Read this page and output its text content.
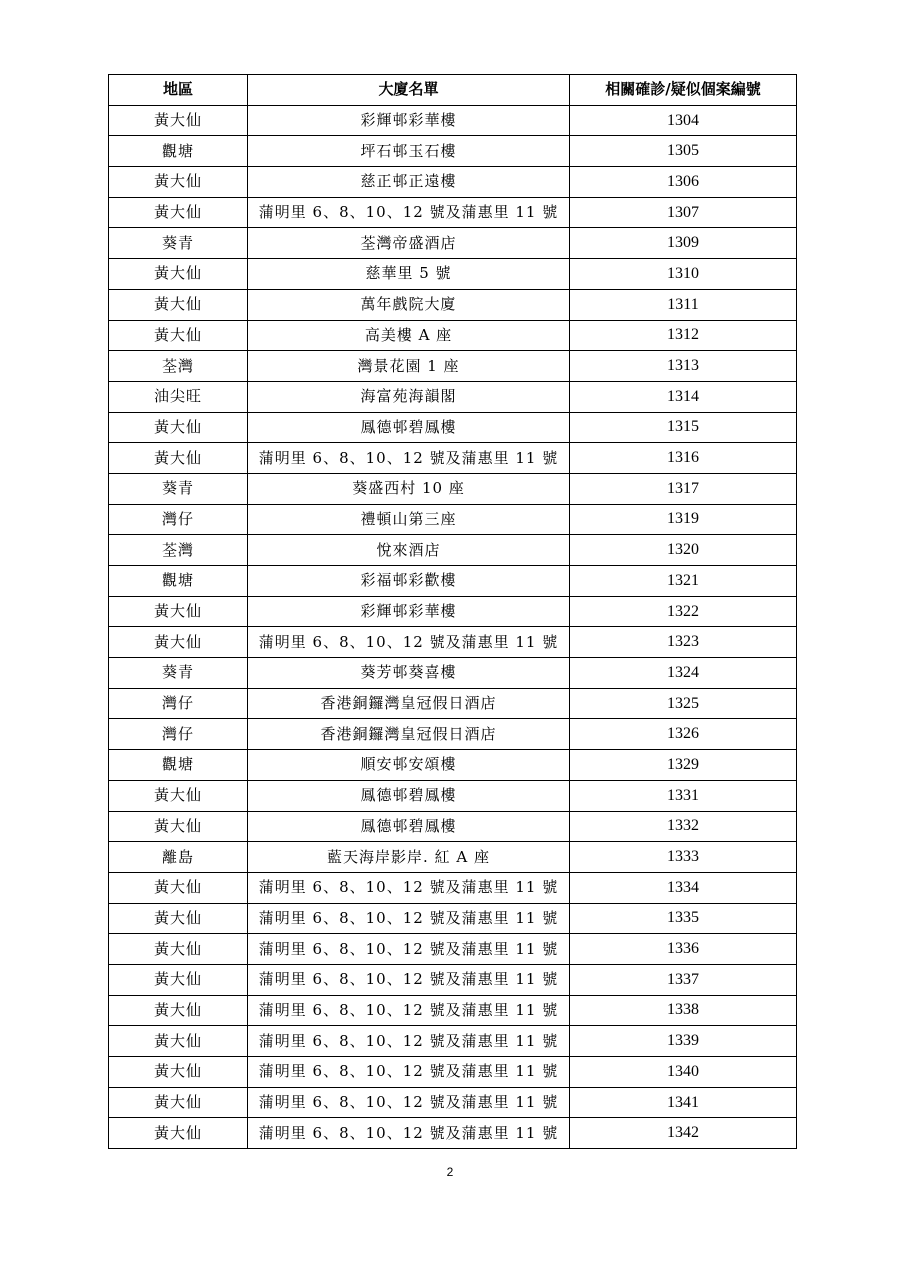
地區	大廈名單	相關確診/疑似個案編號
黃大仙	彩輝邨彩華樓	1304
觀塘	坪石邨玉石樓	1305
黃大仙	慈正邨正遠樓	1306
黃大仙	蒲明里 6、8、10、12 號及蒲惠里 11 號	1307
葵青	荃灣帝盛酒店	1309
黃大仙	慈華里 5 號	1310
黃大仙	萬年戲院大廈	1311
黃大仙	高美樓 A 座	1312
荃灣	灣景花園 1 座	1313
油尖旺	海富苑海韻閣	1314
黃大仙	鳳德邨碧鳳樓	1315
黃大仙	蒲明里 6、8、10、12 號及蒲惠里 11 號	1316
葵青	葵盛西村 10 座	1317
灣仔	禮頓山第三座	1319
荃灣	悅來酒店	1320
觀塘	彩福邨彩歡樓	1321
黃大仙	彩輝邨彩華樓	1322
黃大仙	蒲明里 6、8、10、12 號及蒲惠里 11 號	1323
葵青	葵芳邨葵喜樓	1324
灣仔	香港銅鑼灣皇冠假日酒店	1325
灣仔	香港銅鑼灣皇冠假日酒店	1326
觀塘	順安邨安頌樓	1329
黃大仙	鳳德邨碧鳳樓	1331
黃大仙	鳳德邨碧鳳樓	1332
離島	藍天海岸影岸. 紅 A 座	1333
黃大仙	蒲明里 6、8、10、12 號及蒲惠里 11 號	1334
黃大仙	蒲明里 6、8、10、12 號及蒲惠里 11 號	1335
黃大仙	蒲明里 6、8、10、12 號及蒲惠里 11 號	1336
黃大仙	蒲明里 6、8、10、12 號及蒲惠里 11 號	1337
黃大仙	蒲明里 6、8、10、12 號及蒲惠里 11 號	1338
黃大仙	蒲明里 6、8、10、12 號及蒲惠里 11 號	1339
黃大仙	蒲明里 6、8、10、12 號及蒲惠里 11 號	1340
黃大仙	蒲明里 6、8、10、12 號及蒲惠里 11 號	1341
黃大仙	蒲明里 6、8、10、12 號及蒲惠里 11 號	1342
2
